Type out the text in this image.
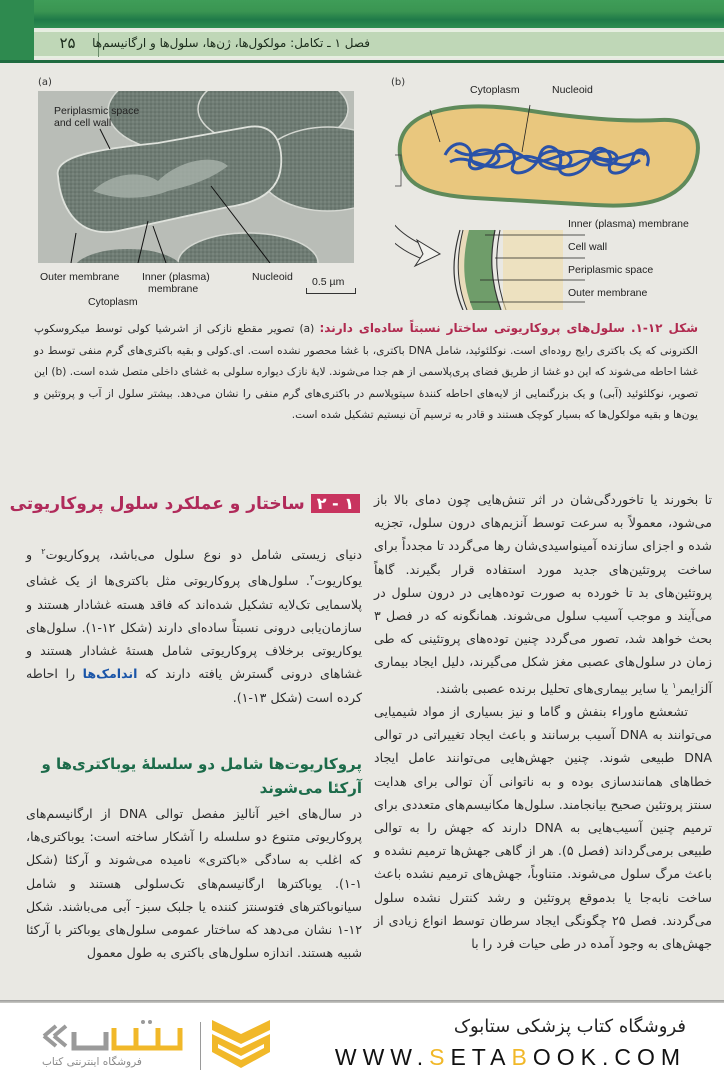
۲۵	فصل ۱ ـ تکامل: مولکول‌ها، ژن‌ها، سلول‌ها و ارگانیسم‌ها
(a)
Periplasmic space
and cell wall
Outer membrane Inner (plasma)
membrane
Nucleoid
Cytoplasm
0.5 µm
(b)
Cytoplasm	Nucleoid
Inner (plasma) membrane
Cell wall
Periplasmic space
Outer membrane
شکل ۱۲-۱. سلول‌های پروکاریوتی ساختار نسبتاً ساده‌ای دارند: (a) تصویر مقطع نازکی از اشرشیا کولی توسط میکروسکوپ الکترونی که یک باکتری رایج روده‌ای است. نوکلئوئید، شامل DNA باکتری، با غشا محصور نشده است. ای.کولی و بقیه باکتری‌های گرم منفی توسط دو غشا احاطه می‌شوند که این دو غشا از طریق فضای پری‌پلاسمی از هم جدا می‌شوند. لایهٔ نازک دیواره سلولی به غشای داخلی متصل شده است. (b) این تصویر، نوکلئوئید (آبی) و یک بزرگنمایی از لایه‌های احاطه کنندهٔ سیتوپلاسم در باکتری‌های گرم منفی را نشان می‌دهد. بیشتر سلول از آب و پروتئین و یون‌ها و بقیه مولکول‌ها که بسیار کوچک هستند و قادر به ترسیم آن نیستیم تشکیل شده است.

تا بخورند یا تاخوردگی‌شان در اثر تنش‌هایی چون دمای بالا باز می‌شود، معمولاً به سرعت توسط آنزیم‌های درون سلول، تجزیه شده و اجزای سازنده آمینواسیدی‌شان رها می‌گردد تا مجدداً برای ساخت پروتئین‌های جدید مورد استفاده قرار بگیرند. گاهاً پروتئین‌های بد تا خورده به صورت توده‌هایی در درون سلول در می‌آیند و موجب آسیب سلول می‌شوند. همانگونه که در فصل ۳ بحث خواهد شد، تصور می‌گردد چنین توده‌های پروتئینی که طی زمان در سلول‌های عصبی مغز شکل می‌گیرند، دلیل ایجاد بیماری آلزایمر$^۱$ یا سایر بیماری‌های تحلیل برنده عصبی باشند.

تشعشع ماوراء بنفش و گاما و نیز بسیاری از مواد شیمیایی می‌توانند به DNA آسیب برسانند و باعث ایجاد تغییراتی در توالی DNA طبیعی شوند. چنین جهش‌هایی می‌توانند عامل ایجاد خطاهای همانندسازی بوده و به ناتوانی آن توالی برای هدایت سنتز پروتئین صحیح بیانجامند. سلول‌ها مکانیسم‌های متعددی برای ترمیم چنین آسیب‌هایی به DNA دارند که جهش را به توالی طبیعی برمی‌گرداند (فصل ۵). هر از گاهی جهش‌ها ترمیم نشده و باعث مرگ سلول می‌شوند. متناوباً، جهش‌های ترمیم نشده باعث ساخت نابه‌جا یا بدموقع پروتئین و رشد کنترل نشده سلول می‌گردند. فصل ۲۵ چگونگی ایجاد سرطان توسط انواع زیادی از جهش‌های به وجود آمده در طی حیات فرد را با

۱ - ۲ساختار و عملکرد سلول پروکاریوتی

دنیای زیستی شامل دو نوع سلول می‌باشد، پروکاریوت$^۲$ و یوکاریوت$^۳$. سلول‌های پروکاریوتی مثل باکتری‌ها از یک غشای پلاسمایی تک‌لایه تشکیل شده‌اند که فاقد هسته غشادار هستند و سازمان‌یابی درونی نسبتاً ساده‌ای دارند (شکل ۱۲-۱). سلول‌های یوکاریوتی برخلاف پروکاریوتی شامل هستهٔ غشادار هستند و غشاهای درونی گسترش یافته دارند که اندامک‌ها را احاطه کرده است (شکل ۱۳-۱).

پروکاریوت‌ها شامل دو سلسلهٔ یوباکتری‌ها و آرکئا می‌شوند

در سال‌های اخیر آنالیز مفصل توالی DNA از ارگانیسم‌های پروکاریوتی متنوع دو سلسله را آشکار ساخته است: یوباکتری‌ها، که اغلب به سادگی «باکتری» نامیده می‌شوند و آرکئا (شکل ۱-۱). یوباکترها ارگانیسم‌های تک‌سلولی هستند و شامل سیانوباکترهای فتوسنتز کننده یا جلبک سبز- آبی می‌باشند. شکل ۱۲-۱ نشان می‌دهد که ساختار عمومی سلول‌های یوباکتر با آرکئا شبیه هستند. اندازه سلول‌های باکتری به طول معمول

فروشگاه کتاب پزشکی ستابوک
WWW.SETABOOK.COM
فروشگاه اینترنتی کتاب
